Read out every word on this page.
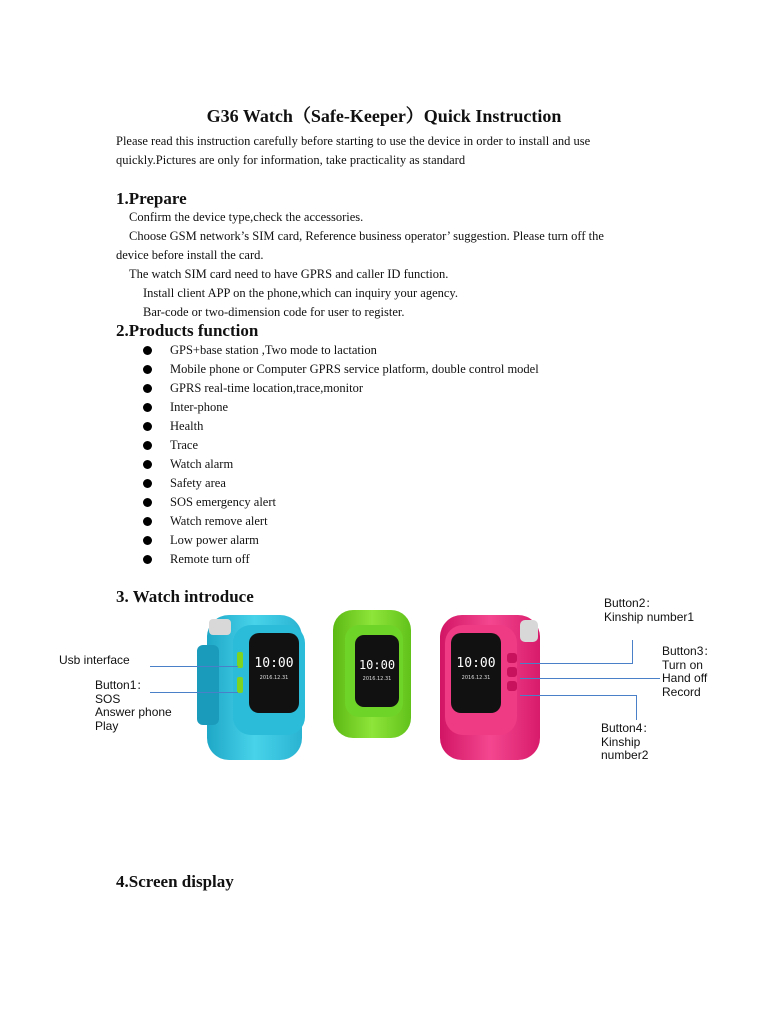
G36 Watch（Safe-Keeper）Quick Instruction
Please read this instruction carefully before starting to use the device in order to install and use
quickly.Pictures are only for information, take practicality as standard
1.Prepare
Confirm the device type,check the accessories.
Choose GSM network’s SIM card, Reference business operator’ suggestion. Please turn off the
device before install the card.
The watch SIM card need to have GPRS and caller ID function.
Install client APP on the phone,which can inquiry your agency.
Bar-code or two-dimension code for user to register.
2.Products function
GPS+base station ,Two mode to lactation
Mobile phone or Computer GPRS service platform, double control model
GPRS real-time location,trace,monitor
Inter-phone
Health
Trace
Watch alarm
Safety area
SOS emergency alert
Watch remove alert
Low power alarm
Remote turn off
3. Watch introduce
10:00
2016.12.31
10:00
2016.12.31
10:00
2016.12.31
Usb interface
Button1：
SOS
Answer phone
Play
Button2：
Kinship number1
Button3：
Turn on
Hand off
Record
Button4：
Kinship
number2
4.Screen display
